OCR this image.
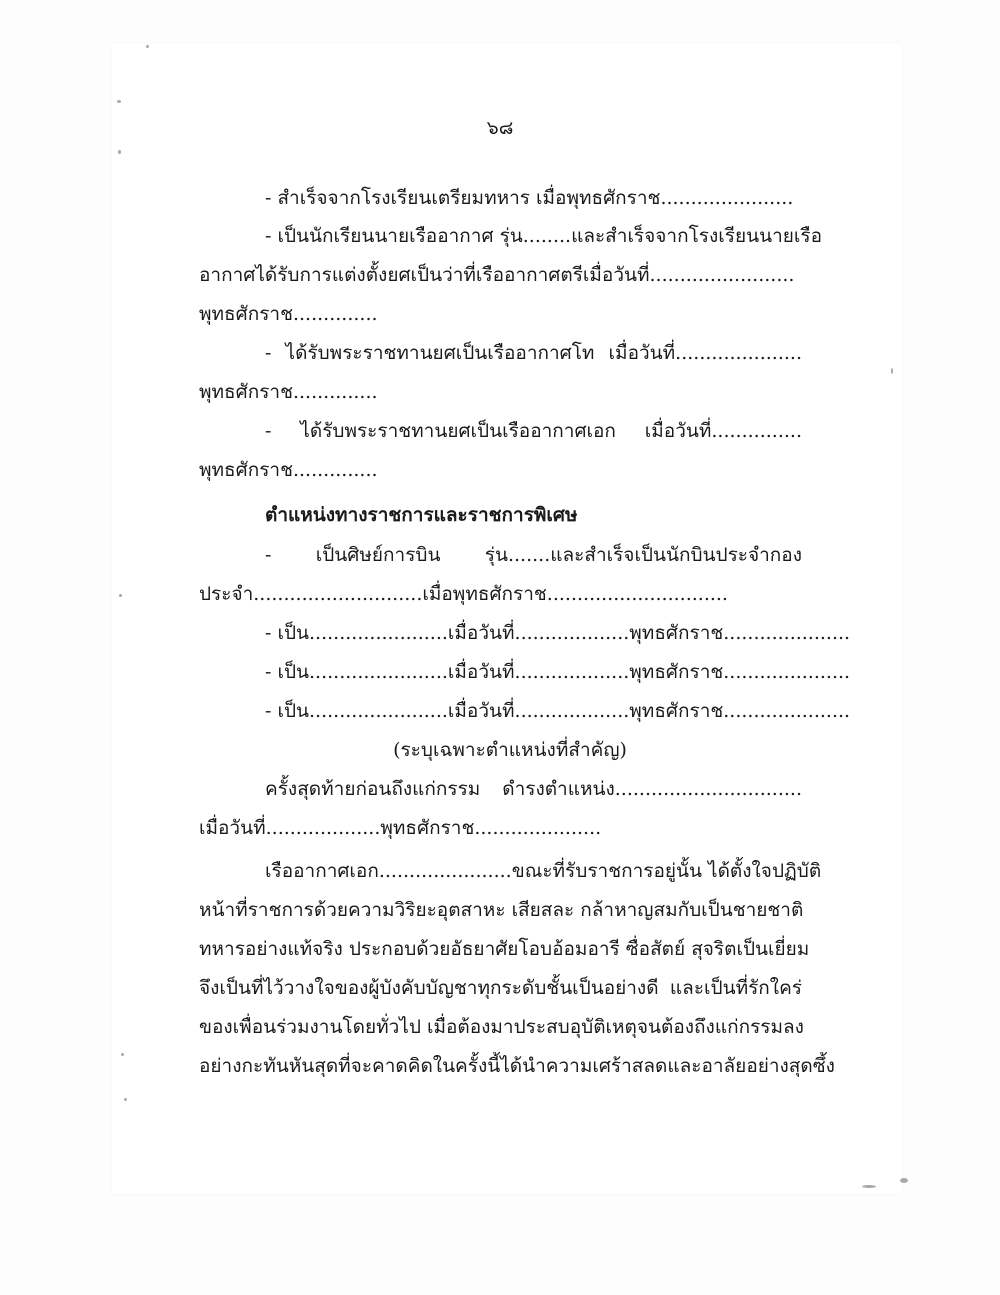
๖๘
- สำเร็จจากโรงเรียนเตรียมทหาร เมื่อพุทธศักราช......................
- เป็นนักเรียนนายเรืออากาศ รุ่น........และสำเร็จจากโรงเรียนนายเรือ
อากาศได้รับการแต่งตั้งยศเป็นว่าที่เรืออากาศตรีเมื่อวันที่........................
พุทธศักราช..............
- ได้รับพระราชทานยศเป็นเรืออากาศโท เมื่อวันที่.....................
พุทธศักราช..............
- ได้รับพระราชทานยศเป็นเรืออากาศเอก เมื่อวันที่...............
พุทธศักราช..............
ตำแหน่งทางราชการและราชการพิเศษ
- เป็นศิษย์การบิน รุ่น.......และสำเร็จเป็นนักบินประจำกอง
ประจำ............................เมื่อพุทธศักราช..............................
- เป็น.......................เมื่อวันที่...................พุทธศักราช.....................
- เป็น.......................เมื่อวันที่...................พุทธศักราช.....................
- เป็น.......................เมื่อวันที่...................พุทธศักราช.....................
(ระบุเฉพาะตำแหน่งที่สำคัญ)
ครั้งสุดท้ายก่อนถึงแก่กรรม ดำรงตำแหน่ง...............................
เมื่อวันที่...................พุทธศักราช.....................
เรืออากาศเอก......................ขณะที่รับราชการอยู่นั้น ได้ตั้งใจปฏิบัติ
หน้าที่ราชการด้วยความวิริยะอุตสาหะ เสียสละ กล้าหาญสมกับเป็นชายชาติ
ทหารอย่างแท้จริง ประกอบด้วยอัธยาศัยโอบอ้อมอารี ซื่อสัตย์ สุจริตเป็นเยี่ยม
จึงเป็นที่ไว้วางใจของผู้บังคับบัญชาทุกระดับชั้นเป็นอย่างดี และเป็นที่รักใคร่
ของเพื่อนร่วมงานโดยทั่วไป เมื่อต้องมาประสบอุบัติเหตุจนต้องถึงแก่กรรมลง
อย่างกะทันหันสุดที่จะคาดคิดในครั้งนี้ได้นำความเศร้าสลดและอาลัยอย่างสุดซึ้ง
